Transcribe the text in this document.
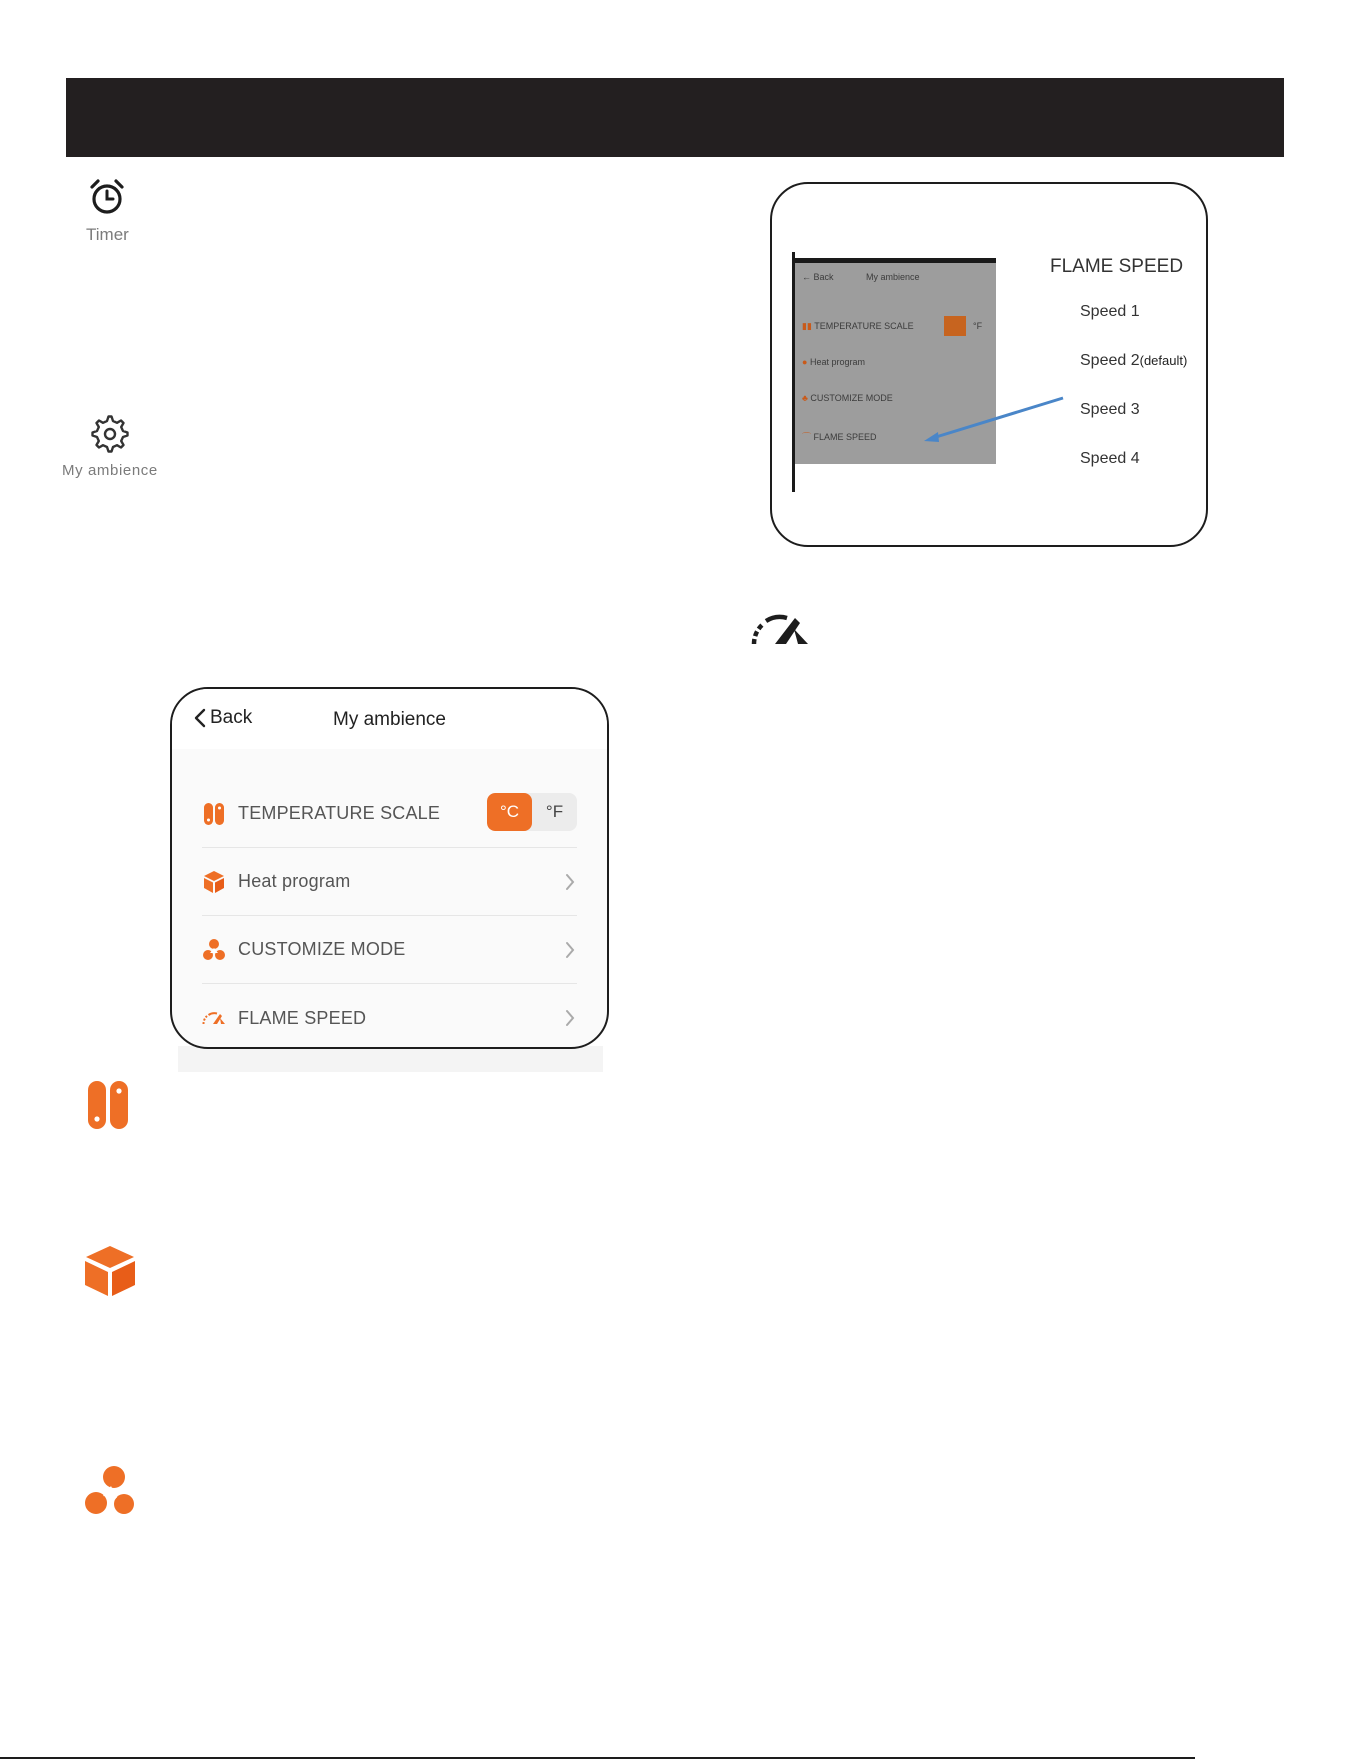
Timer
My ambience
Back	My ambience
TEMPERATURE SCALE	°C	°F
Heat program
CUSTOMIZE MODE
FLAME SPEED
← Back	My ambience
▮▮ TEMPERATURE SCALE	°F
● Heat program
♣ CUSTOMIZE MODE
⌒ FLAME SPEED
FLAME SPEED
Speed 1
Speed 2(default)
Speed 3
Speed 4
